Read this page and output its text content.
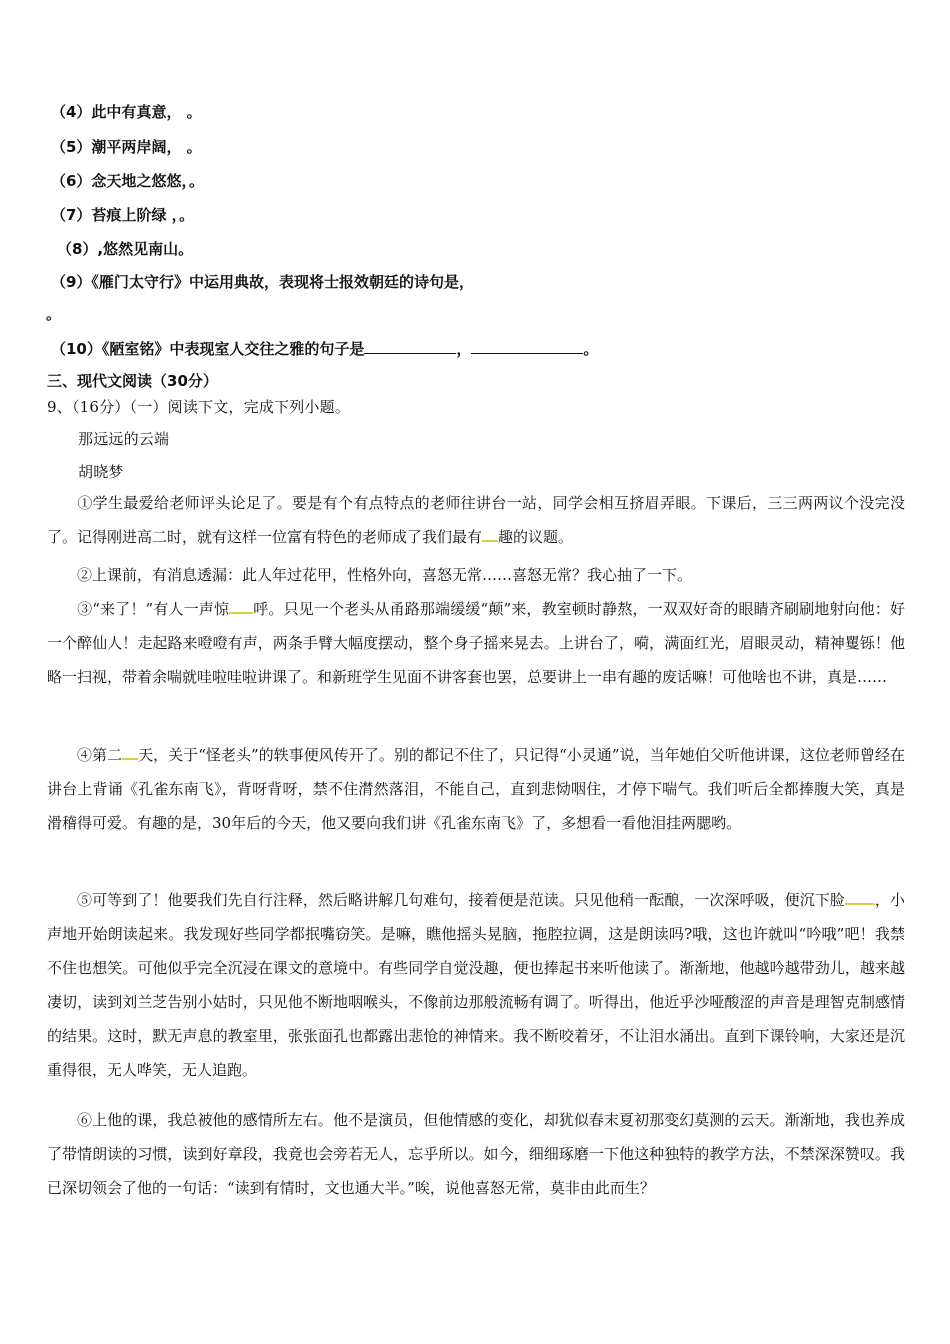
（4）此中有真意， 。
（5）潮平两岸阔， 。
（6）念天地之悠悠，。
（7）苔痕上阶绿 ，。
（8）,悠然见南山。
（9）《雁门太守行》中运用典故，表现将士报效朝廷的诗句是，
。
（10）《陋室铭》中表现室人交往之雅的句子是	，	。
三、现代文阅读（30分）
9、（16分）（一）阅读下文，完成下列小题。
那远远的云端
胡晓梦
①学生最爱给老师评头论足了。要是有个有点特点的老师往讲台一站，同学会相互挤眉弄眼。下课后，三三两两议个没完没了。记得刚进高二时，就有这样一位富有特色的老师成了我们最有 趣的议题。
②上课前，有消息透漏：此人年过花甲，性格外向，喜怒无常……喜怒无常？我心抽了一下。
③“来了！”有人一声惊 呼。只见一个老头从甬路那端缓缓“颠”来，教室顿时静熬，一双双好奇的眼睛齐刷刷地射向他：好一个醉仙人！走起路来噔噔有声，两条手臂大幅度摆动，整个身子摇来晃去。上讲台了，嗬，满面红光，眉眼灵动，精神矍铄！他略一扫视，带着余喘就哇啦哇啦讲课了。和新班学生见面不讲客套也罢，总要讲上一串有趣的废话嘛！可他啥也不讲，真是……
④第二 天，关于“怪老头”的轶事便风传开了。别的都记不住了，只记得“小灵通”说，当年她伯父听他讲课，这位老师曾经在讲台上背诵《孔雀东南飞》，背呀背呀，禁不住潸然落泪，不能自己，直到悲恸咽住，才停下喘气。我们听后全都捧腹大笑，真是滑稽得可爱。有趣的是，30年后的今天，他又要向我们讲《孔雀东南飞》了，多想看一看他泪挂两腮哟。
⑤可等到了！他要我们先自行注释，然后略讲解几句难句，接着便是范读。只见他稍一酝酿，一次深呼吸，便沉下脸 ，小声地开始朗读起来。我发现好些同学都抿嘴窃笑。是嘛，瞧他摇头晃脑，拖腔拉调，这是朗读吗?哦，这也许就叫“吟哦”吧！我禁不住也想笑。可他似乎完全沉浸在课文的意境中。有些同学自觉没趣，便也捧起书来听他读了。渐渐地，他越吟越带劲儿，越来越凄切，读到刘兰芝告别小姑时，只见他不断地咽喉头，不像前边那般流畅有调了。听得出，他近乎沙哑酸涩的声音是理智克制感情的结果。这时，默无声息的教室里，张张面孔也都露出悲怆的神情来。我不断咬着牙，不让泪水涌出。直到下课铃响，大家还是沉重得很，无人哗笑，无人追跑。
⑥上他的课，我总被他的感情所左右。他不是演员，但他情感的变化，却犹似春末夏初那变幻莫测的云天。渐渐地，我也养成了带情朗读的习惯，读到好章段，我竟也会旁若无人，忘乎所以。如今，细细琢磨一下他这种独特的教学方法，不禁深深赞叹。我已深切领会了他的一句话：“读到有情时，文也通大半。”唉，说他喜怒无常，莫非由此而生？
